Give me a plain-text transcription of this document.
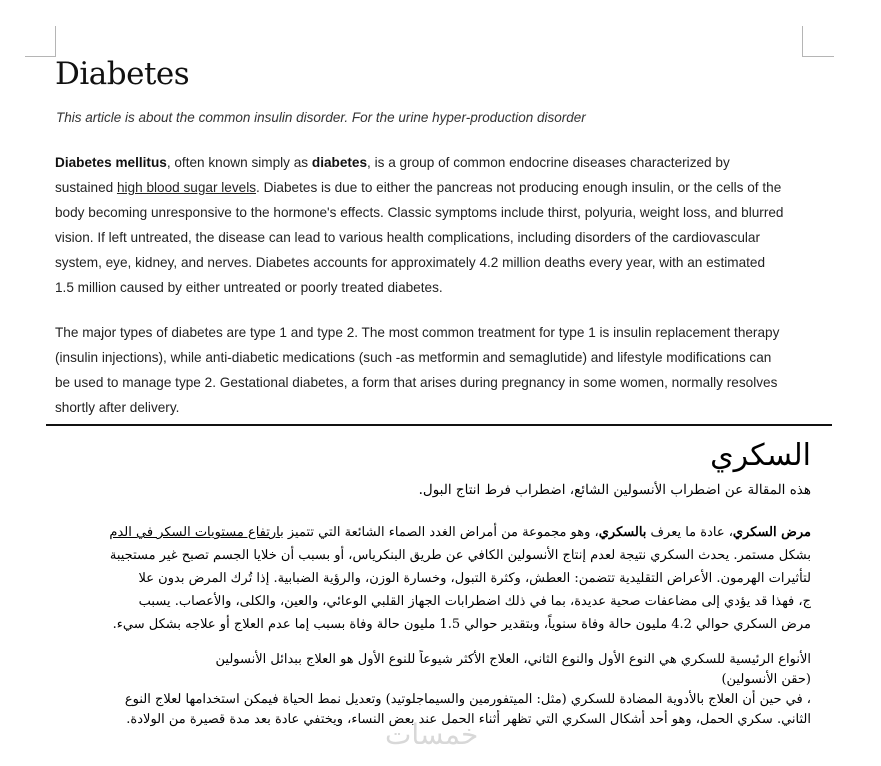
Diabetes
This article is about the common insulin disorder. For the urine hyper-production disorder

Diabetes mellitus, often known simply as diabetes, is a group of common endocrine diseases characterized by sustained high blood sugar levels. Diabetes is due to either the pancreas not producing enough insulin, or the cells of the body becoming unresponsive to the hormone's effects. Classic symptoms include thirst, polyuria, weight loss, and blurred vision. If left untreated, the disease can lead to various health complications, including disorders of the cardiovascular system, eye, kidney, and nerves. Diabetes accounts for approximately 4.2 million deaths every year, with an estimated 1.5 million caused by either untreated or poorly treated diabetes.

The major types of diabetes are type 1 and type 2. The most common treatment for type 1 is insulin replacement therapy (insulin injections), while anti-diabetic medications (such -as metformin and semaglutide) and lifestyle modifications can be used to manage type 2. Gestational diabetes, a form that arises during pregnancy in some women, normally resolves shortly after delivery.

السكري
هذه المقالة عن اضطراب الأنسولين الشائع، اضطراب فرط انتاج البول.
مرض السكري، عادة ما يعرف بالسكري، وهو مجموعة من أمراض الغدد الصماء الشائعة التي تتميز بارتفاع مستويات السكر في الدم
بشكل مستمر. يحدث السكري نتيجة لعدم إنتاج الأنسولين الكافي عن طريق البنكرياس، أو بسبب أن خلايا الجسم تصبح غير مستجيبة
لتأثيرات الهرمون. الأعراض التقليدية تتضمن: العطش، وكثرة التبول، وخسارة الوزن، والرؤية الضبابية. إذا تُرك المرض بدون علا
ج، فهذا قد يؤدي إلى مضاعفات صحية عديدة، بما في ذلك اضطرابات الجهاز القلبي الوعائي، والعين، والكلى، والأعصاب. يسبب
مرض السكري حوالي 4.2 مليون حالة وفاة سنوياً، وبتقدير حوالي 1.5 مليون حالة وفاة بسبب إما عدم العلاج أو علاجه بشكل سيء.
الأنواع الرئيسية للسكري هي النوع الأول والنوع الثاني، العلاج الأكثر شيوعاً للنوع الأول هو العلاج ببدائل الأنسولين
(حقن الأنسولين)
، في حين أن العلاج بالأدوية المضادة للسكري (مثل: الميتفورمين والسيماجلوتيد) وتعديل نمط الحياة فيمكن استخدامها لعلاج النوع
الثاني. سكري الحمل، وهو أحد أشكال السكري التي تظهر أثناء الحمل عند بعض النساء، ويختفي عادة بعد مدة قصيرة من الولادة.
خمسات
